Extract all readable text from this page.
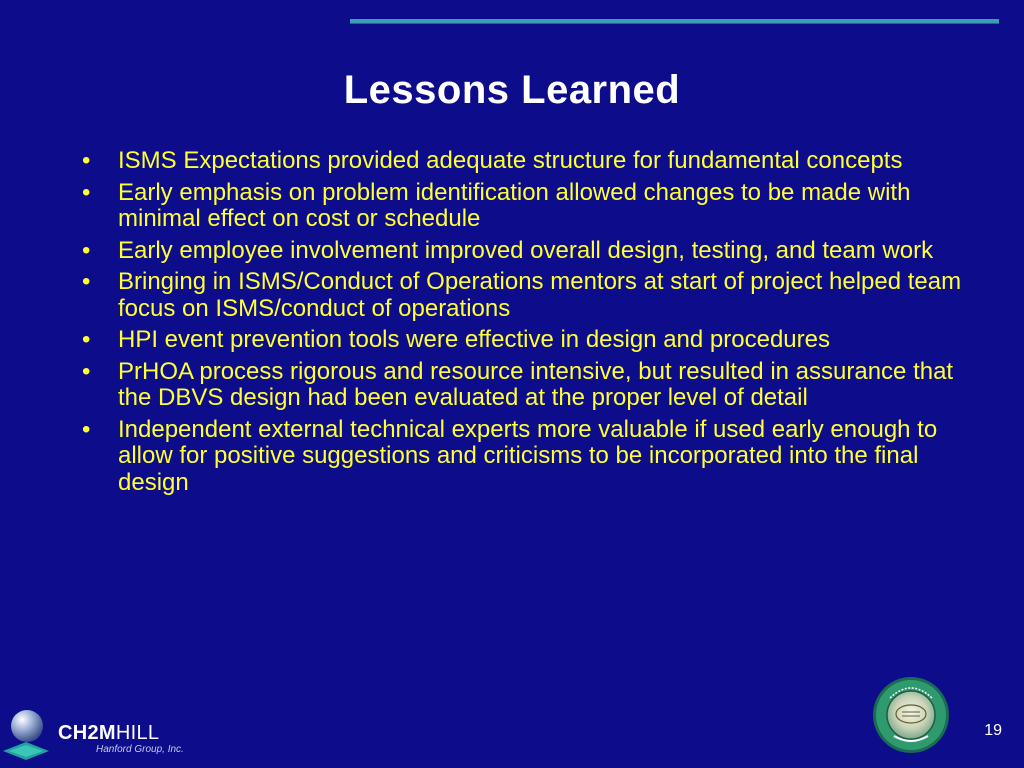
Lessons Learned
• ISMS Expectations provided adequate structure for fundamental concepts
• Early emphasis on problem identification allowed changes to be made with minimal effect on cost or schedule
• Early employee involvement improved overall design, testing, and team work
• Bringing in ISMS/Conduct of Operations mentors at start of project helped team focus on ISMS/conduct of operations
• HPI event prevention tools were effective in design and procedures
• PrHOA process rigorous and resource intensive, but resulted in assurance that the DBVS design had been evaluated at the proper level of detail
• Independent external technical experts more valuable if used early enough to allow for positive suggestions and criticisms to be incorporated into the final design
CH2MHILL
Hanford Group, Inc.
19
